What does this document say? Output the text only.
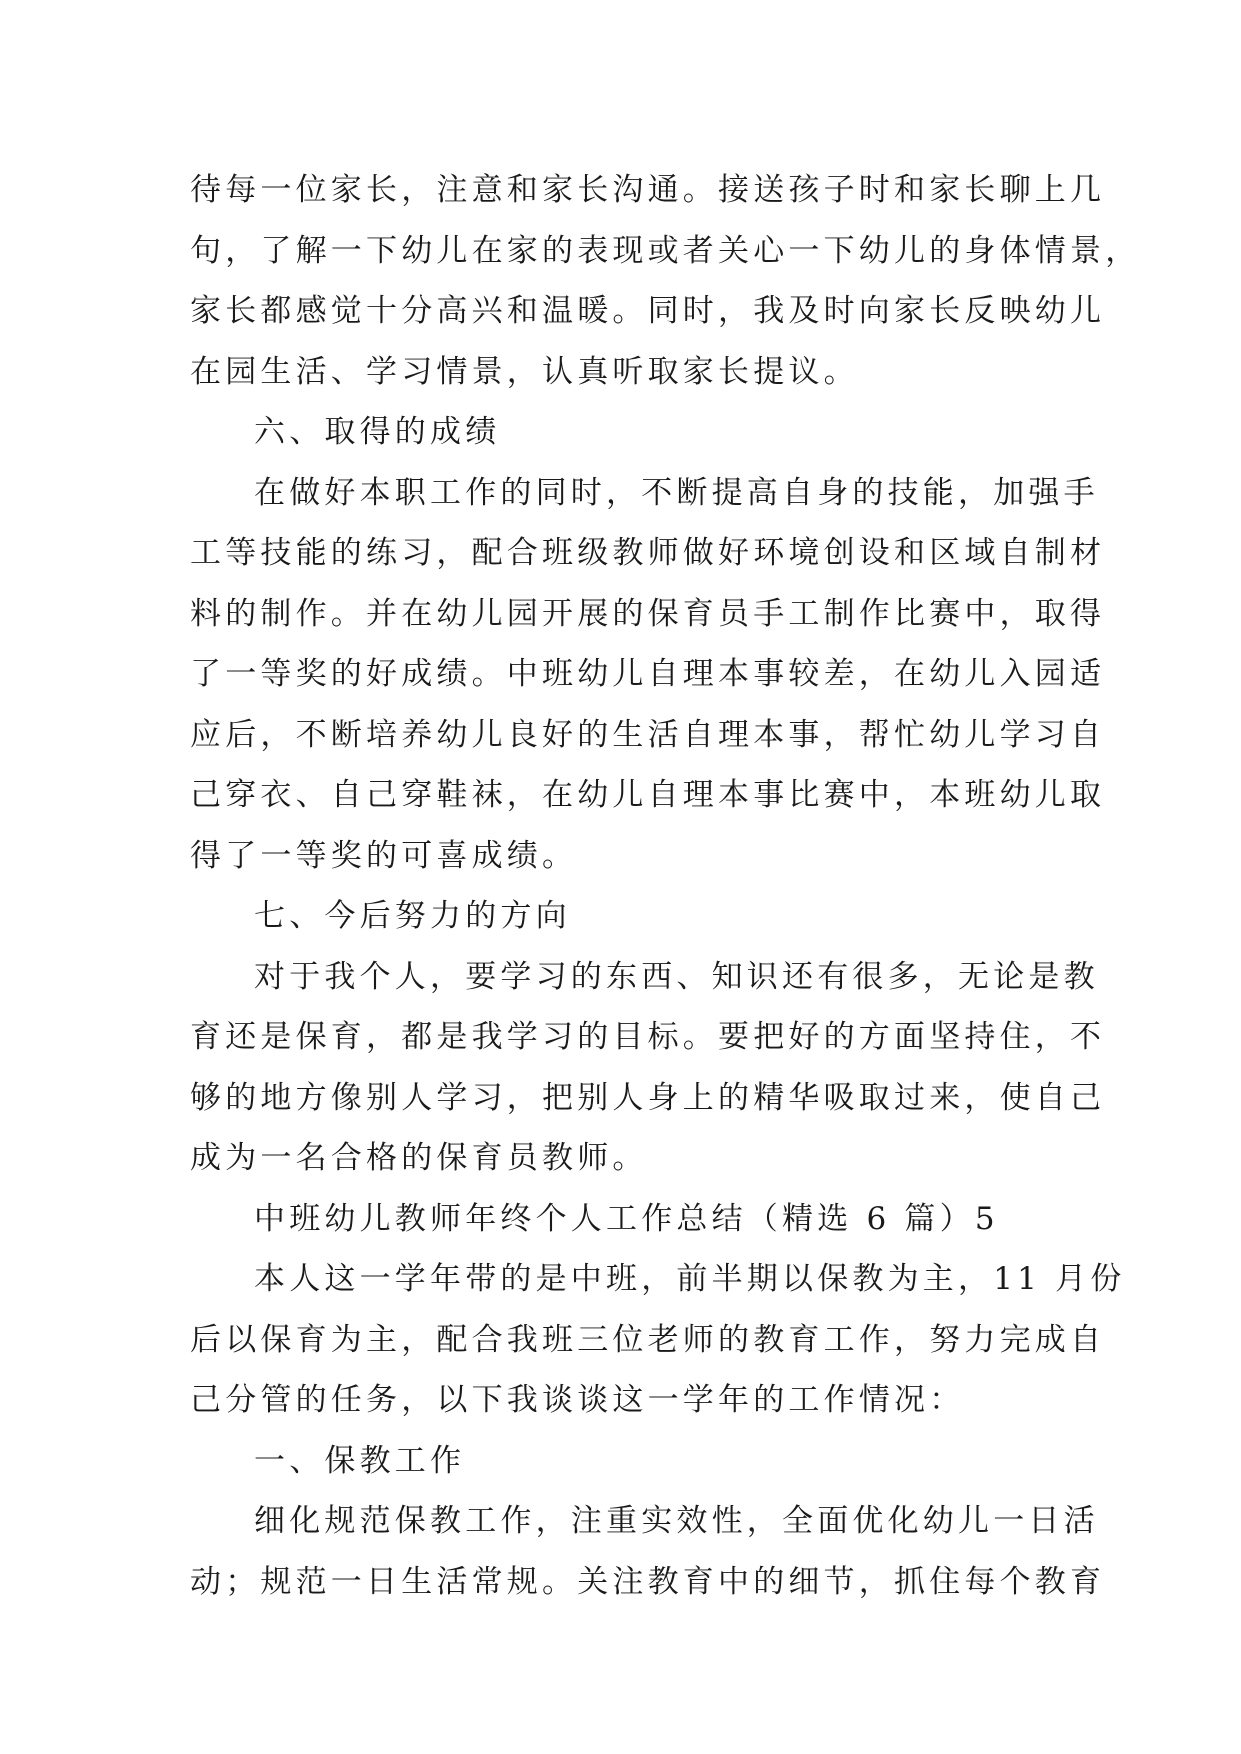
待每一位家长，注意和家长沟通。接送孩子时和家长聊上几
句，了解一下幼儿在家的表现或者关心一下幼儿的身体情景，
家长都感觉十分高兴和温暖。同时，我及时向家长反映幼儿
在园生活、学习情景，认真听取家长提议。
六、取得的成绩
在做好本职工作的同时，不断提高自身的技能，加强手
工等技能的练习，配合班级教师做好环境创设和区域自制材
料的制作。并在幼儿园开展的保育员手工制作比赛中，取得
了一等奖的好成绩。中班幼儿自理本事较差，在幼儿入园适
应后，不断培养幼儿良好的生活自理本事，帮忙幼儿学习自
己穿衣、自己穿鞋袜，在幼儿自理本事比赛中，本班幼儿取
得了一等奖的可喜成绩。
七、今后努力的方向
对于我个人，要学习的东西、知识还有很多，无论是教
育还是保育，都是我学习的目标。要把好的方面坚持住，不
够的地方像别人学习，把别人身上的精华吸取过来，使自己
成为一名合格的保育员教师。
中班幼儿教师年终个人工作总结（精选 6 篇）5
本人这一学年带的是中班，前半期以保教为主，11 月份
后以保育为主，配合我班三位老师的教育工作，努力完成自
己分管的任务，以下我谈谈这一学年的工作情况：
一、保教工作
细化规范保教工作，注重实效性，全面优化幼儿一日活
动；规范一日生活常规。关注教育中的细节，抓住每个教育
